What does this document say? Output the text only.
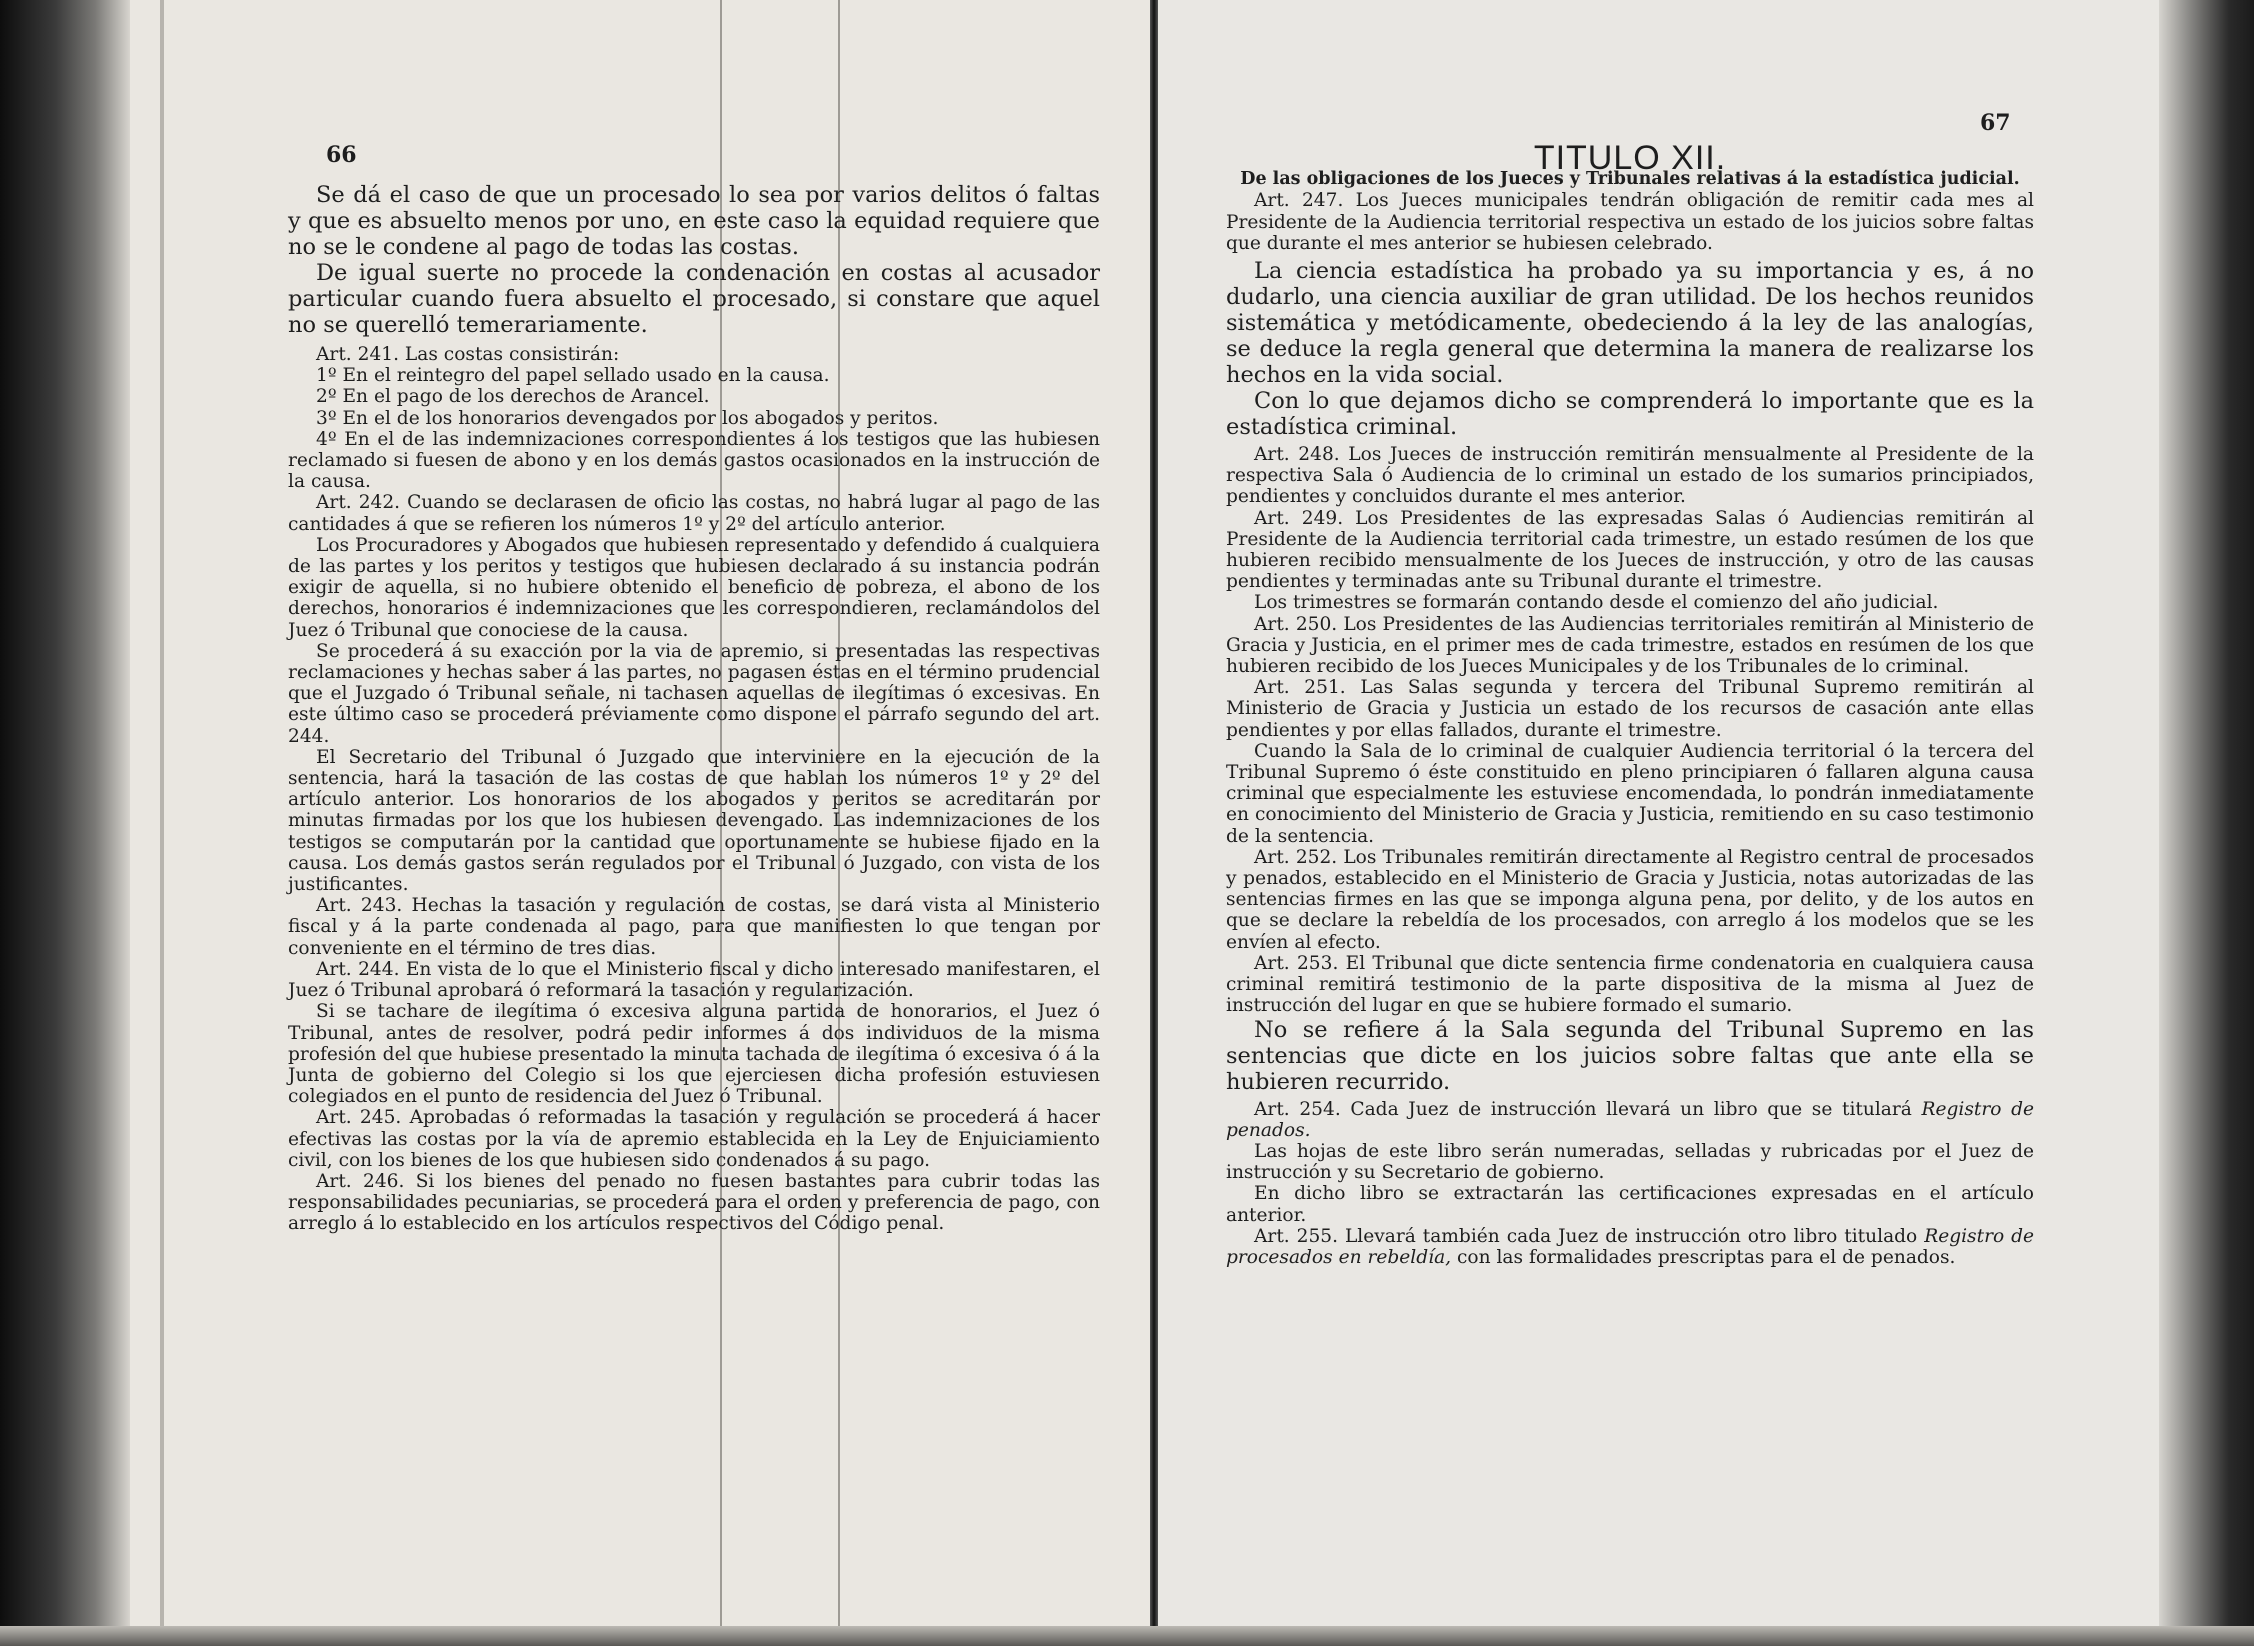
66

Se dá el caso de que un procesado lo sea por varios delitos ó faltas y que es absuelto menos por uno, en este caso la equidad requiere que no se le condene al pago de todas las costas.

De igual suerte no procede la condenación en costas al acusador particular cuando fuera absuelto el procesado, si constare que aquel no se querelló temerariamente.

Art. 241. Las costas consistirán:

1º En el reintegro del papel sellado usado en la causa.

2º En el pago de los derechos de Arancel.

3º En el de los honorarios devengados por los abogados y peritos.

4º En el de las indemnizaciones correspondientes á los testigos que las hubiesen reclamado si fuesen de abono y en los demás gastos ocasionados en la instrucción de la causa.

Art. 242. Cuando se declarasen de oficio las costas, no habrá lugar al pago de las cantidades á que se refieren los números 1º y 2º del artículo anterior.

Los Procuradores y Abogados que hubiesen representado y defendido á cualquiera de las partes y los peritos y testigos que hubiesen declarado á su instancia podrán exigir de aquella, si no hubiere obtenido el beneficio de pobreza, el abono de los derechos, honorarios é indemnizaciones que les correspondieren, reclamándolos del Juez ó Tribunal que conociese de la causa.

Se procederá á su exacción por la via de apremio, si presentadas las respectivas reclamaciones y hechas saber á las partes, no pagasen éstas en el término prudencial que el Juzgado ó Tribunal señale, ni tachasen aquellas de ilegítimas ó excesivas. En este último caso se procederá préviamente como dispone el párrafo segundo del art. 244.

El Secretario del Tribunal ó Juzgado que interviniere en la ejecución de la sentencia, hará la tasación de las costas de que hablan los números 1º y 2º del artículo anterior. Los honorarios de los abogados y peritos se acreditarán por minutas firmadas por los que los hubiesen devengado. Las indemnizaciones de los testigos se computarán por la cantidad que oportunamente se hubiese fijado en la causa. Los demás gastos serán regulados por el Tribunal ó Juzgado, con vista de los justificantes.

Art. 243. Hechas la tasación y regulación de costas, se dará vista al Ministerio fiscal y á la parte condenada al pago, para que manifiesten lo que tengan por conveniente en el término de tres dias.

Art. 244. En vista de lo que el Ministerio fiscal y dicho interesado manifestaren, el Juez ó Tribunal aprobará ó reformará la tasación y regularización.

Si se tachare de ilegítima ó excesiva alguna partida de honorarios, el Juez ó Tribunal, antes de resolver, podrá pedir informes á dos individuos de la misma profesión del que hubiese presentado la minuta tachada de ilegítima ó excesiva ó á la Junta de gobierno del Colegio si los que ejerciesen dicha profesión estuviesen colegiados en el punto de residencia del Juez ó Tribunal.

Art. 245. Aprobadas ó reformadas la tasación y regulación se procederá á hacer efectivas las costas por la vía de apremio establecida en la Ley de Enjuiciamiento civil, con los bienes de los que hubiesen sido condenados á su pago.

Art. 246. Si los bienes del penado no fuesen bastantes para cubrir todas las responsabilidades pecuniarias, se procederá para el orden y preferencia de pago, con arreglo á lo establecido en los artículos respectivos del Código penal.

67

TITULO XII.

De las obligaciones de los Jueces y Tribunales relativas á la estadística judicial.

Art. 247. Los Jueces municipales tendrán obligación de remitir cada mes al Presidente de la Audiencia territorial respectiva un estado de los juicios sobre faltas que durante el mes anterior se hubiesen celebrado.

La ciencia estadística ha probado ya su importancia y es, á no dudarlo, una ciencia auxiliar de gran utilidad. De los hechos reunidos sistemática y metódicamente, obedeciendo á la ley de las analogías, se deduce la regla general que determina la manera de realizarse los hechos en la vida social.

Con lo que dejamos dicho se comprenderá lo importante que es la estadística criminal.

Art. 248. Los Jueces de instrucción remitirán mensualmente al Presidente de la respectiva Sala ó Audiencia de lo criminal un estado de los sumarios principiados, pendientes y concluidos durante el mes anterior.

Art. 249. Los Presidentes de las expresadas Salas ó Audiencias remitirán al Presidente de la Audiencia territorial cada trimestre, un estado resúmen de los que hubieren recibido mensualmente de los Jueces de instrucción, y otro de las causas pendientes y terminadas ante su Tribunal durante el trimestre.

Los trimestres se formarán contando desde el comienzo del año judicial.

Art. 250. Los Presidentes de las Audiencias territoriales remitirán al Ministerio de Gracia y Justicia, en el primer mes de cada trimestre, estados en resúmen de los que hubieren recibido de los Jueces Municipales y de los Tribunales de lo criminal.

Art. 251. Las Salas segunda y tercera del Tribunal Supremo remitirán al Ministerio de Gracia y Justicia un estado de los recursos de casación ante ellas pendientes y por ellas fallados, durante el trimestre.

Cuando la Sala de lo criminal de cualquier Audiencia territorial ó la tercera del Tribunal Supremo ó éste constituido en pleno principiaren ó fallaren alguna causa criminal que especialmente les estuviese encomendada, lo pondrán inmediatamente en conocimiento del Ministerio de Gracia y Justicia, remitiendo en su caso testimonio de la sentencia.

Art. 252. Los Tribunales remitirán directamente al Registro central de procesados y penados, establecido en el Ministerio de Gracia y Justicia, notas autorizadas de las sentencias firmes en las que se imponga alguna pena, por delito, y de los autos en que se declare la rebeldía de los procesados, con arreglo á los modelos que se les envíen al efecto.

Art. 253. El Tribunal que dicte sentencia firme condenatoria en cualquiera causa criminal remitirá testimonio de la parte dispositiva de la misma al Juez de instrucción del lugar en que se hubiere formado el sumario.

No se refiere á la Sala segunda del Tribunal Supremo en las sentencias que dicte en los juicios sobre faltas que ante ella se hubieren recurrido.

Art. 254. Cada Juez de instrucción llevará un libro que se titulará Registro de penados.

Las hojas de este libro serán numeradas, selladas y rubricadas por el Juez de instrucción y su Secretario de gobierno.

En dicho libro se extractarán las certificaciones expresadas en el artículo anterior.

Art. 255. Llevará también cada Juez de instrucción otro libro titulado Registro de procesados en rebeldía, con las formalidades prescriptas para el de penados.
